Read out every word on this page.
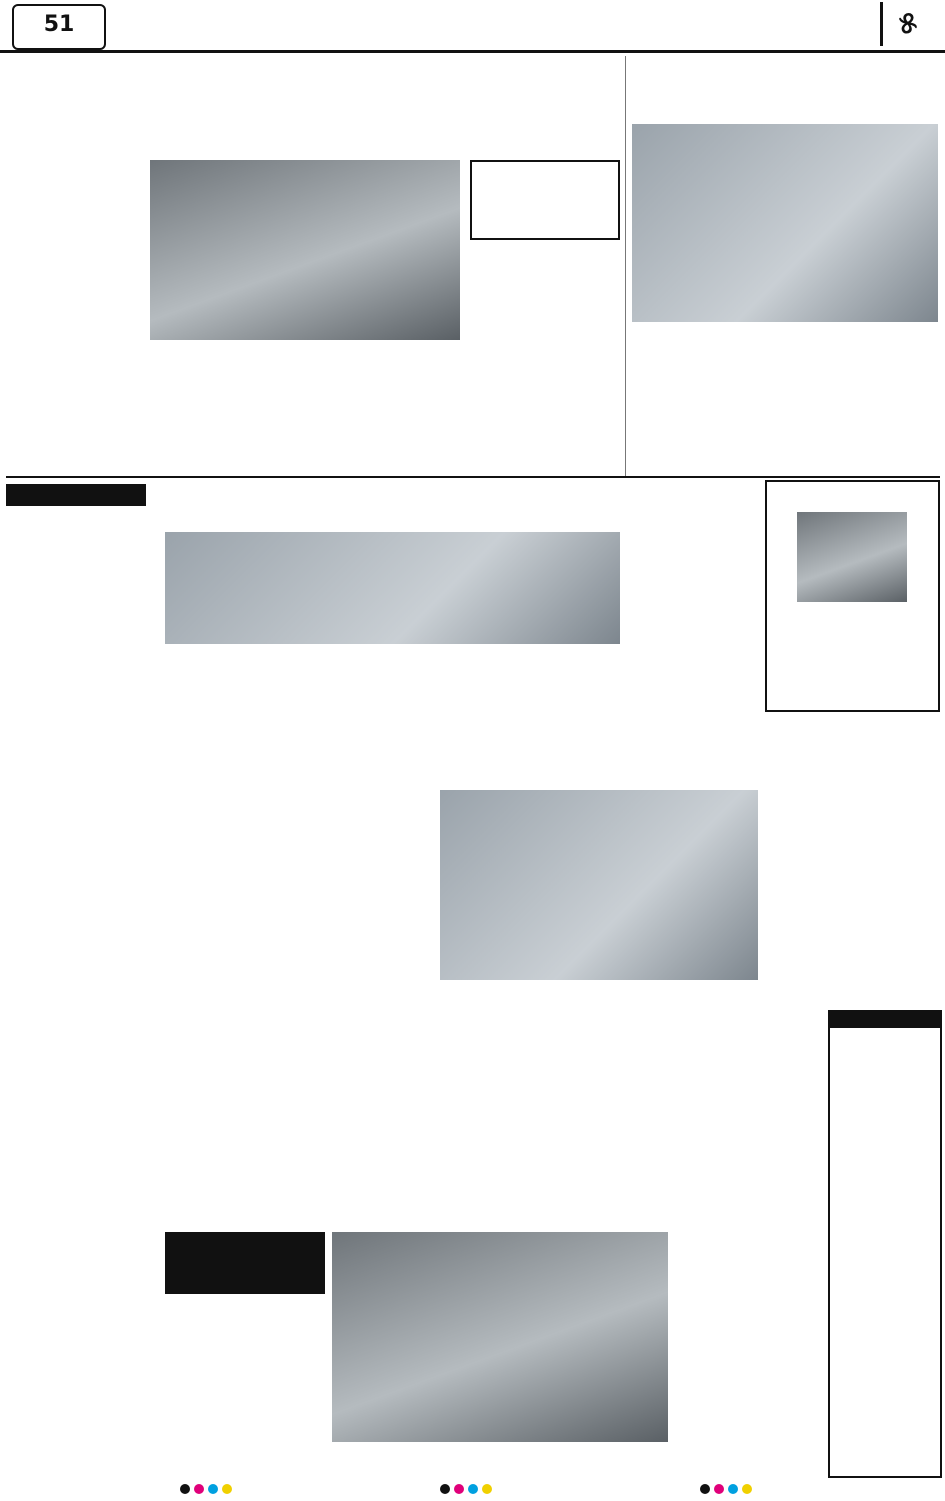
51	୫
